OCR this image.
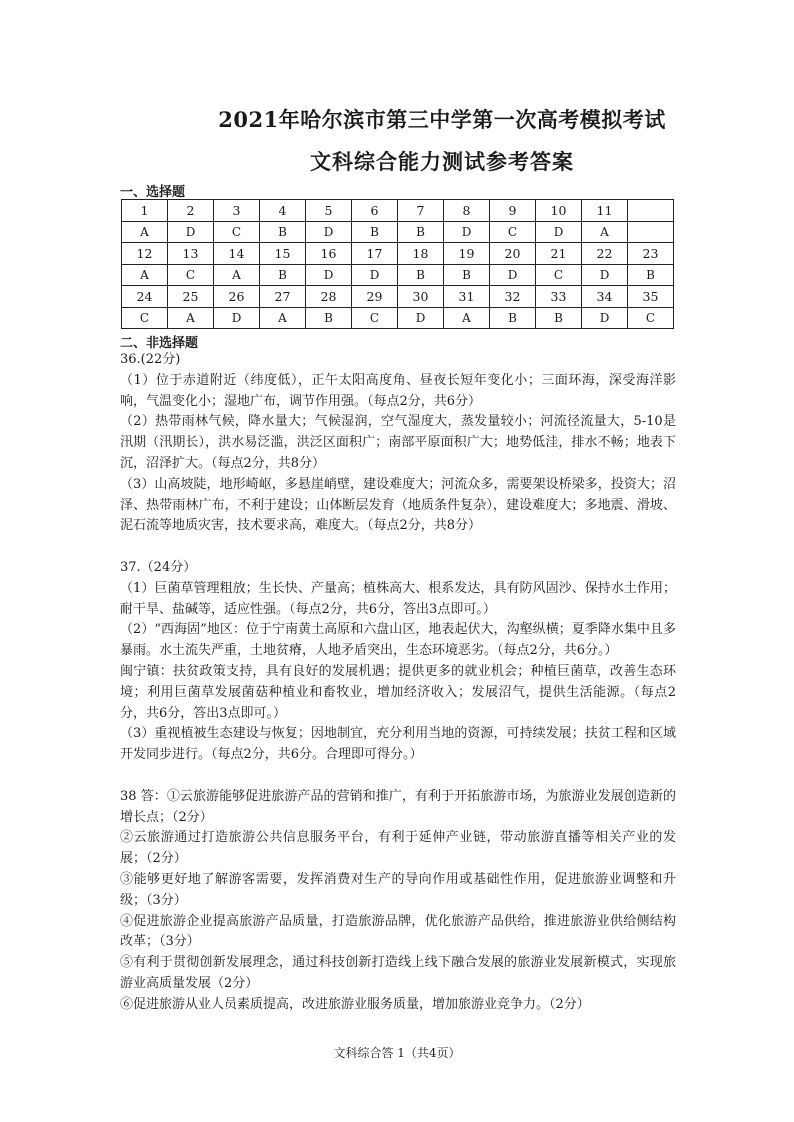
2021年哈尔滨市第三中学第一次高考模拟考试
文科综合能力测试参考答案
一、选择题
1	2	3	4	5	6	7	8	9	10	11	
A	D	C	B	D	B	B	D	C	D	A	
12	13	14	15	16	17	18	19	20	21	22	23
A	C	A	B	D	D	B	B	D	C	D	B
24	25	26	27	28	29	30	31	32	33	34	35
C	A	D	A	B	C	D	A	B	B	D	C
二、非选择题

36.(22分)

（1）位于赤道附近（纬度低），正午太阳高度角、昼夜长短年变化小；三面环海，深受海洋影响，气温变化小；湿地广布，调节作用强。（每点2分，共6分）

（2）热带雨林气候，降水量大；气候湿润，空气湿度大，蒸发量较小；河流径流量大，5-10是汛期（汛期长），洪水易泛滥，洪泛区面积广；南部平原面积广大；地势低洼，排水不畅；地表下沉，沼泽扩大。（每点2分，共8分）

（3）山高坡陡，地形崎岖，多悬崖峭壁，建设难度大；河流众多，需要架设桥梁多，投资大；沼泽、热带雨林广布，不利于建设；山体断层发育（地质条件复杂），建设难度大；多地震、滑坡、泥石流等地质灾害，技术要求高，难度大。（每点2分，共8分）

37.（24分）

（1）巨菌草管理粗放；生长快、产量高；植株高大、根系发达，具有防风固沙、保持水土作用；耐干旱、盐碱等，适应性强。（每点2分，共6分，答出3点即可。）

（2）“西海固”地区：位于宁南黄土高原和六盘山区，地表起伏大，沟壑纵横；夏季降水集中且多暴雨。水土流失严重，土地贫瘠，人地矛盾突出，生态环境恶劣。（每点2分，共6分。）

闽宁镇：扶贫政策支持，具有良好的发展机遇；提供更多的就业机会；种植巨菌草，改善生态环境；利用巨菌草发展菌菇种植业和畜牧业，增加经济收入；发展沼气，提供生活能源。（每点2分，共6分，答出3点即可。）

（3）重视植被生态建设与恢复；因地制宜，充分利用当地的资源，可持续发展；扶贫工程和区域开发同步进行。（每点2分，共6分。合理即可得分。）

38 答：①云旅游能够促进旅游产品的营销和推广，有利于开拓旅游市场，为旅游业发展创造新的增长点；（2分）

②云旅游通过打造旅游公共信息服务平台，有利于延伸产业链，带动旅游直播等相关产业的发展；（2分）

③能够更好地了解游客需要，发挥消费对生产的导向作用或基础性作用，促进旅游业调整和升级；（3分）

④促进旅游企业提高旅游产品质量，打造旅游品牌，优化旅游产品供给，推进旅游业供给侧结构改革；（3分）

⑤有利于贯彻创新发展理念，通过科技创新打造线上线下融合发展的旅游业发展新模式，实现旅游业高质量发展（2分）

⑥促进旅游从业人员素质提高，改进旅游业服务质量，增加旅游业竞争力。（2分）

文科综合答 1（共4页）
